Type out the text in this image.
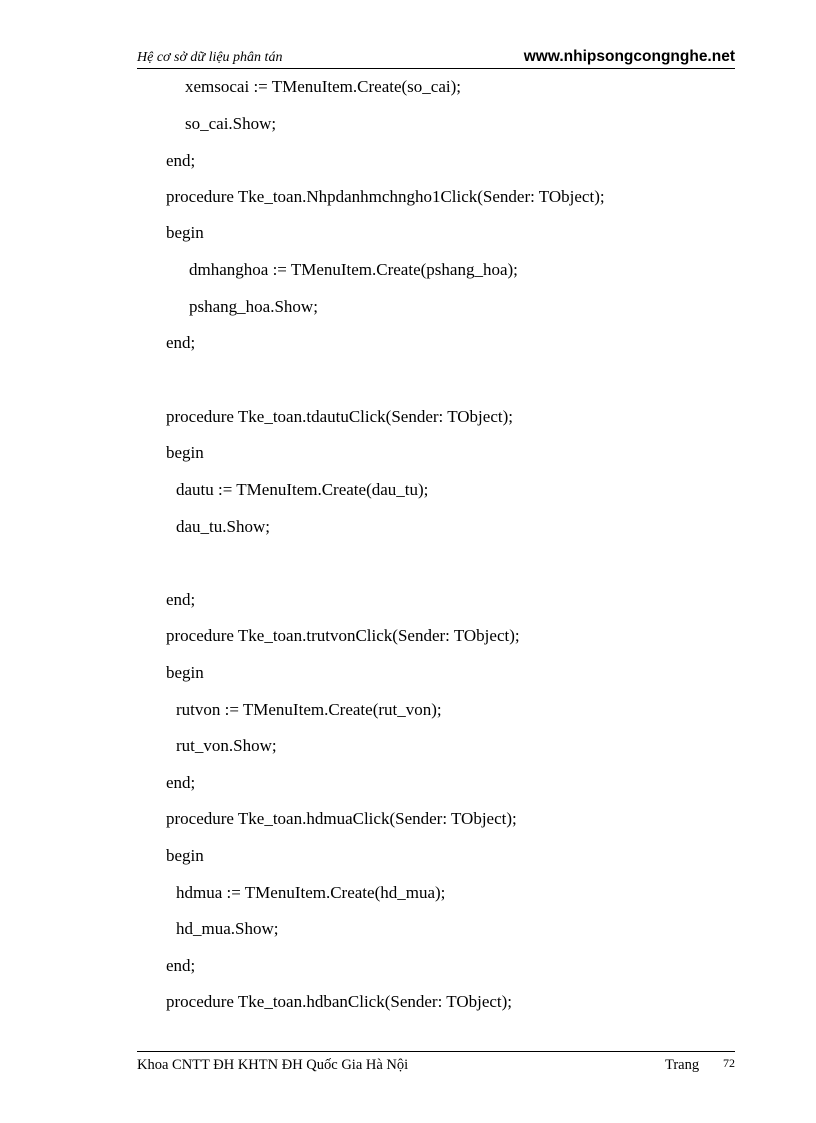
Hệ cơ sở dữ liệu phân tán	www.nhipsongcongnghe.net
xemsocai := TMenuItem.Create(so_cai);
so_cai.Show;
end;
procedure Tke_toan.Nhpdanhmchngho1Click(Sender: TObject);
begin
dmhanghoa := TMenuItem.Create(pshang_hoa);
pshang_hoa.Show;
end;
procedure Tke_toan.tdautuClick(Sender: TObject);
begin
dautu := TMenuItem.Create(dau_tu);
dau_tu.Show;
end;
procedure Tke_toan.trutvonClick(Sender: TObject);
begin
rutvon := TMenuItem.Create(rut_von);
rut_von.Show;
end;
procedure Tke_toan.hdmuaClick(Sender: TObject);
begin
hdmua := TMenuItem.Create(hd_mua);
hd_mua.Show;
end;
procedure Tke_toan.hdbanClick(Sender: TObject);
Khoa CNTT ĐH KHTN ĐH Quốc Gia Hà Nội	Trang 72
